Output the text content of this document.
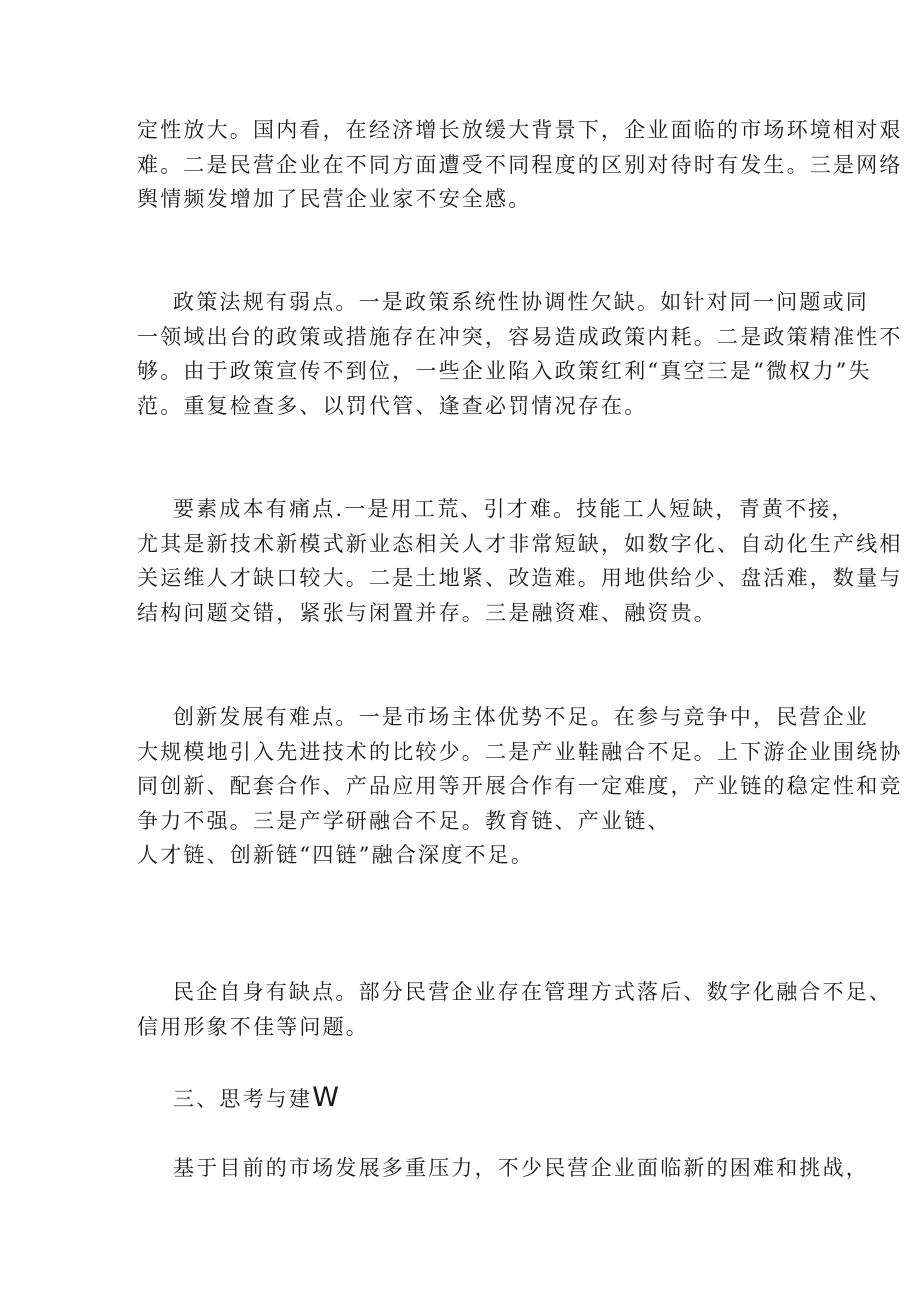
定性放大。国内看，在经济增长放缓大背景下，企业面临的市场环境相对艰
难。二是民营企业在不同方面遭受不同程度的区别对待时有发生。三是网络
舆情频发增加了民营企业家不安全感。
政策法规有弱点。一是政策系统性协调性欠缺。如针对同一问题或同
一领域出台的政策或措施存在冲突，容易造成政策内耗。二是政策精准性不
够。由于政策宣传不到位，一些企业陷入政策红利“真空三是“微权力”失
范。重复检查多、以罚代管、逢查必罚情况存在。
要素成本有痛点.一是用工荒、引才难。技能工人短缺，青黄不接，
尤其是新技术新模式新业态相关人才非常短缺，如数字化、自动化生产线相
关运维人才缺口较大。二是土地紧、改造难。用地供给少、盘活难，数量与
结构问题交错，紧张与闲置并存。三是融资难、融资贵。
创新发展有难点。一是市场主体优势不足。在参与竞争中，民营企业
大规模地引入先进技术的比较少。二是产业鞋融合不足。上下游企业围绕协
同创新、配套合作、产品应用等开展合作有一定难度，产业链的稳定性和竞
争力不强。三是产学研融合不足。教育链、产业链、
人才链、创新链“四链”融合深度不足。
民企自身有缺点。部分民营企业存在管理方式落后、数字化融合不足、
信用形象不佳等问题。
三、思考与建W
基于目前的市场发展多重压力，不少民营企业面临新的困难和挑战，
